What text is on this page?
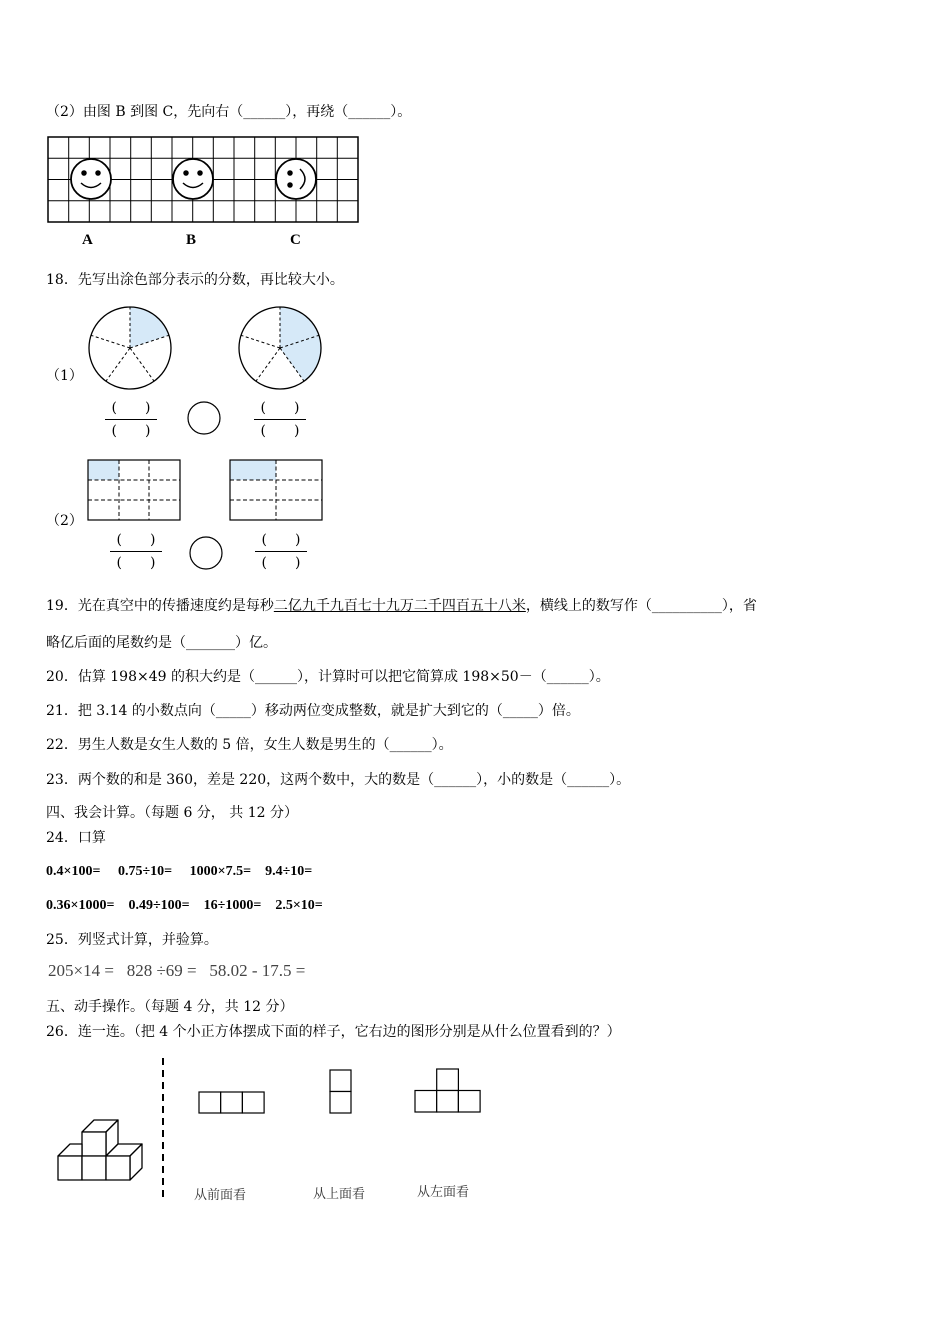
（2）由图 B 到图 C，先向右（______），再绕（______）。
A	B	C
18．先写出涂色部分表示的分数，再比较大小。
（1）
(　　)
(　　)
(　　)
(　　)
（2）
(　　)
(　　)
(　　)
(　　)
19．光在真空中的传播速度约是每秒二亿九千九百七十九万二千四百五十八米，横线上的数写作（__________），省
略亿后面的尾数约是（_______）亿。
20．估算 198×49 的积大约是（______），计算时可以把它简算成 198×50－（______）。
21．把 3.14 的小数点向（_____）移动两位变成整数，就是扩大到它的（_____）倍。
22．男生人数是女生人数的 5 倍，女生人数是男生的（______）。
23．两个数的和是 360，差是 220，这两个数中，大的数是（______），小的数是（______）。
四、我会计算。（每题 6 分， 共 12 分）
24．口算
0.4×100= 0.75÷10= 1000×7.5= 9.4÷10=
0.36×1000= 0.49÷100= 16÷1000= 2.5×10=
25．列竖式计算，并验算。
205×14 = 828 ÷69 = 58.02 - 17.5 =
五、动手操作。（每题 4 分，共 12 分）
26．连一连。（把 4 个小正方体摆成下面的样子，它右边的图形分别是从什么位置看到的？）
从前面看	从上面看	从左面看
